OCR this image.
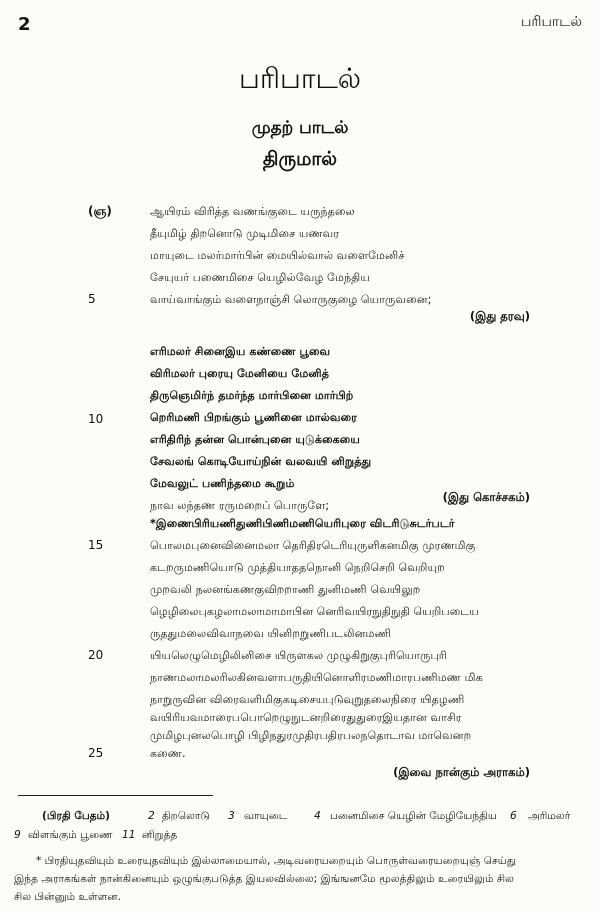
2	பரிபாடல்
பரிபாடல்
முதற் பாடல்
திருமால்
(ஞ)	ஆயிரம் விரித்த வணங்குடை யருந்தலை
தீயுமிழ் திறனொடு முடிமிசை யணவர
மாயுடை மலர்மார்பின் மையில்வால் வளைமேனிச்
சேயுயர் பணைமிசை யெழில்வேழ மேந்திய
வாய்வாங்கும் வளைநாஞ்சி லொருகுழை யொருவனை;
5
(இது தரவு)
எரிமலர் சினைஇய கண்ணை பூவை
விரிமலர் புரையு மேனியை மேனித்
திருஞெமிர்ந் தமர்ந்த மார்பினை மார்பிற்
றெரிமணி பிறங்கும் பூணினை மால்வரை
எரிதிரிந் தன்ன பொன்புனை யுடுக்கையை
சேவலங் கொடியோய்நின் வலவயி னிறுத்து
மேவலுட் பணிந்தமை கூறும்
நாவ லந்தண ரருமறைப் பொருளே;
10
(இது கொச்சகம்)
*இணைபிரியணிதுணிபிணிமணியெரிபுரை விடரிடுசுடர்படர்
பொலமபுனைவினைமலா தெரிதிரடெரியுருளிகனமிகு முரணமிகு
கடறருமணியொடு முத்தியாததநொனி நெறிசெறி வெறியுற
முறவலி நலனங்கணகுவிறறாணி துனிமணி வெயிலுற
ழெழிலைபுகழலாமலாமாமாபின னெரிவயிரநுதிநுதி யெறிபடைய
ருததுமலைவிவாநவை யினிறறுணிபடலினமணி
யியலெழுமெழிலினிசை யிருளகல முழுகிறுகுபுரியொருபுரி
நாணமலாமலரிலகினவளாபருதியினொளிரமணிமாரபணிமண மிக
நாறுருவின விரைவளிமிகுகடிசையபுடுவுறுதலைநிரை யிதழணி
வயிரியவமாரைபபொறெழுநுடனறிரைதுதுரைஇயதான வாசிர
முமிழபுனலபொழி பிழிநதுரமுதிரபதிரபலநதொடாவ மாவெனற
கணை.
15
20
25
(இவை நான்கும் அராகம்)
(பிரதி பேதம்)	2 திறலொடு 3 வாயுடை	4 பனைமிசை யெழின் மேழியேந்திய 6 அரிமலர்
9 விளங்கும் பூணை 11 னிறுத்த
* பிரதியுதவியும் உரையுதவியும் இல்லாமையால், அடிவரையறையும் பொருள்வரையறையுஞ் செய்து
இந்த அராகங்கள் நான்கினையும் ஒழுங்குபடுத்த இயலவில்லை; இங்ஙனமே மூலத்திலும் உரையிலும் சில
சில பின்னும் உள்ளன.
